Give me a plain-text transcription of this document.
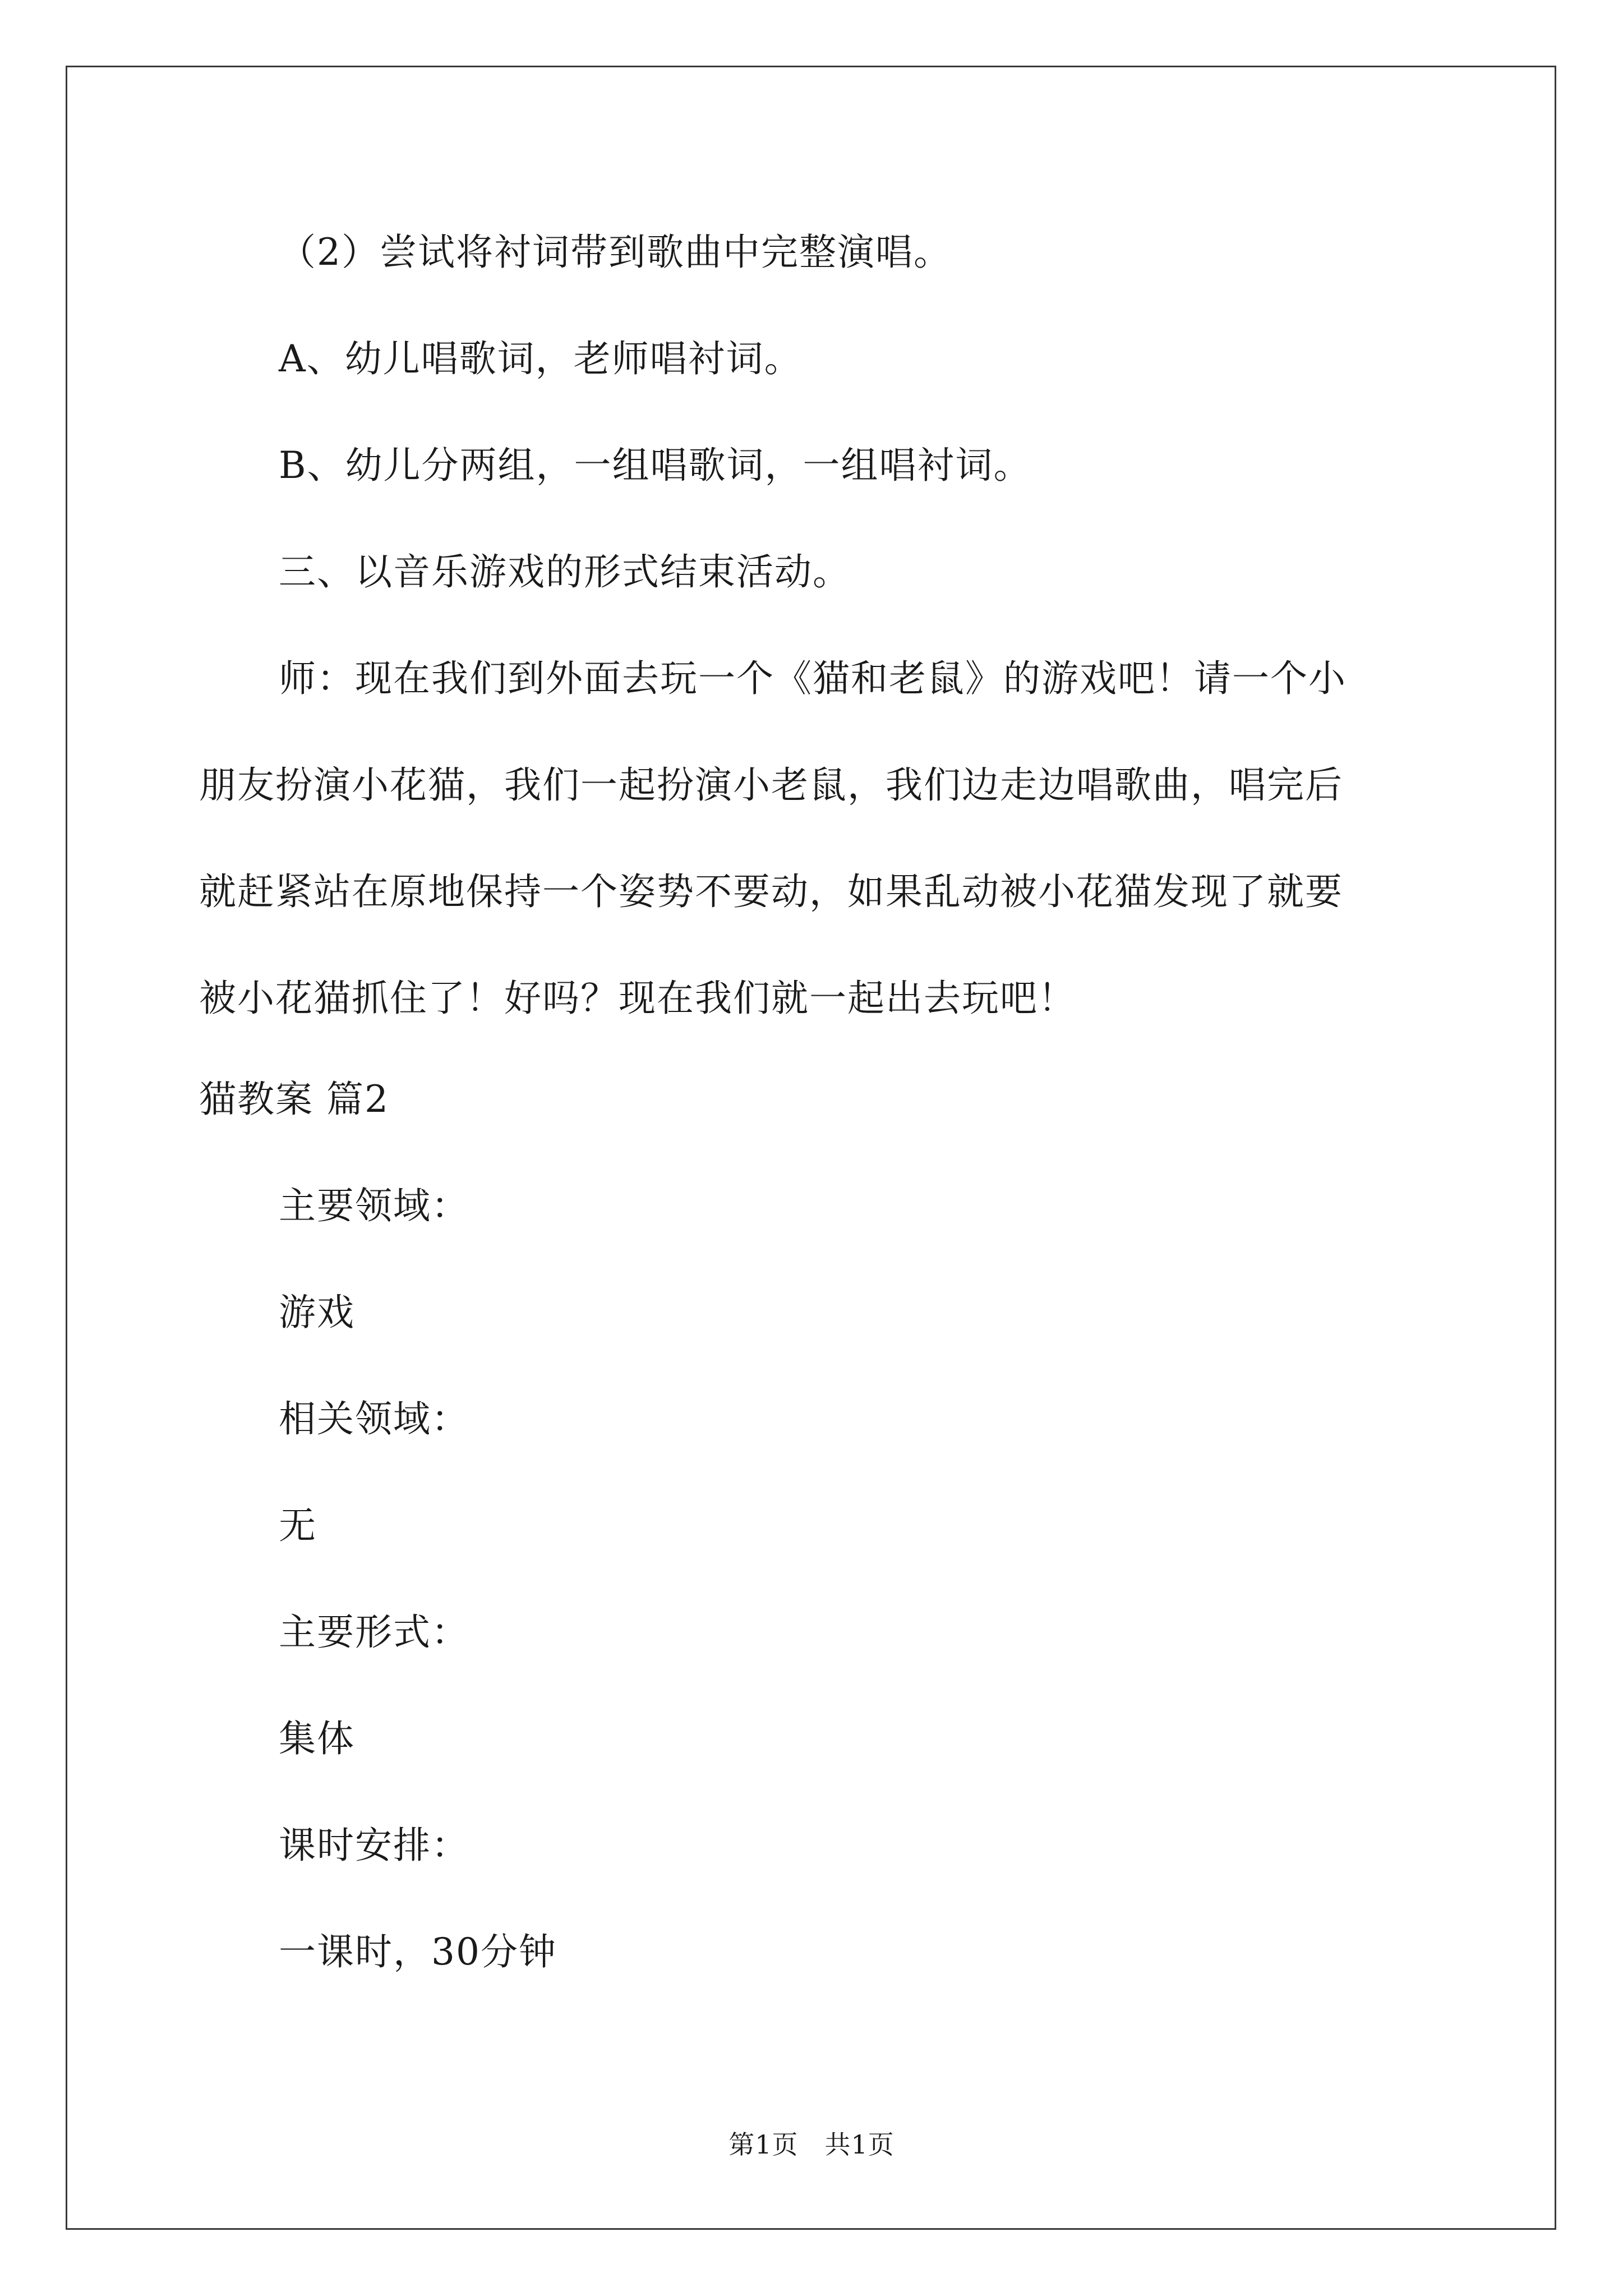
（2）尝试将衬词带到歌曲中完整演唱。
A、幼儿唱歌词，老师唱衬词。
B、幼儿分两组，一组唱歌词，一组唱衬词。
三、以音乐游戏的形式结束活动。
师：现在我们到外面去玩一个《猫和老鼠》的游戏吧！请一个小
朋友扮演小花猫，我们一起扮演小老鼠，我们边走边唱歌曲，唱完后
就赶紧站在原地保持一个姿势不要动，如果乱动被小花猫发现了就要
被小花猫抓住了！好吗？现在我们就一起出去玩吧！
猫教案 篇2
主要领域：
游戏
相关领域：
无
主要形式：
集体
课时安排：
一课时，30分钟
第1页　共1页
